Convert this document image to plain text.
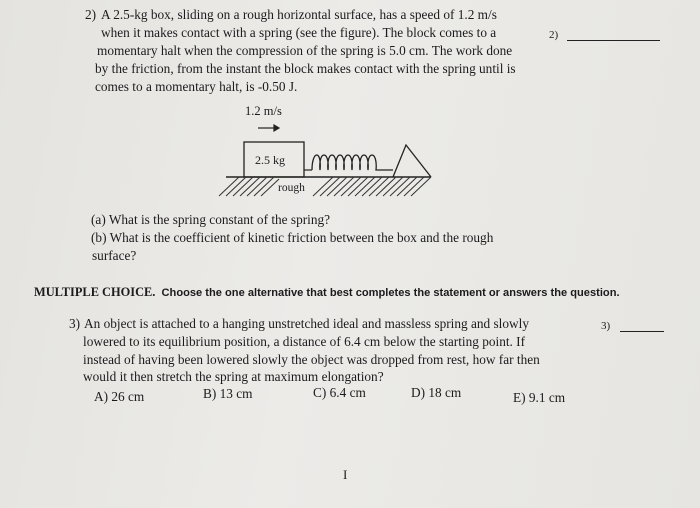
2) A 2.5-kg box, sliding on a rough horizontal surface, has a speed of 1.2 m/s
when it makes contact with a spring (see the figure). The block comes to a
momentary halt when the compression of the spring is 5.0 cm. The work done
by the friction, from the instant the block makes contact with the spring until is
comes to a momentary halt, is -0.50 J.
2)
1.2 m/s
2.5 kg
rough
(a) What is the spring constant of the spring?
(b) What is the coefficient of kinetic friction between the box and the rough
surface?
MULTIPLE CHOICE. Choose the one alternative that best completes the statement or answers the question.
3) An object is attached to a hanging unstretched ideal and massless spring and slowly
lowered to its equilibrium position, a distance of 6.4 cm below the starting point. If
instead of having been lowered slowly the object was dropped from rest, how far then
would it then stretch the spring at maximum elongation?
3)
A) 26 cm	B) 13 cm	C) 6.4 cm	D) 18 cm	E) 9.1 cm
I
